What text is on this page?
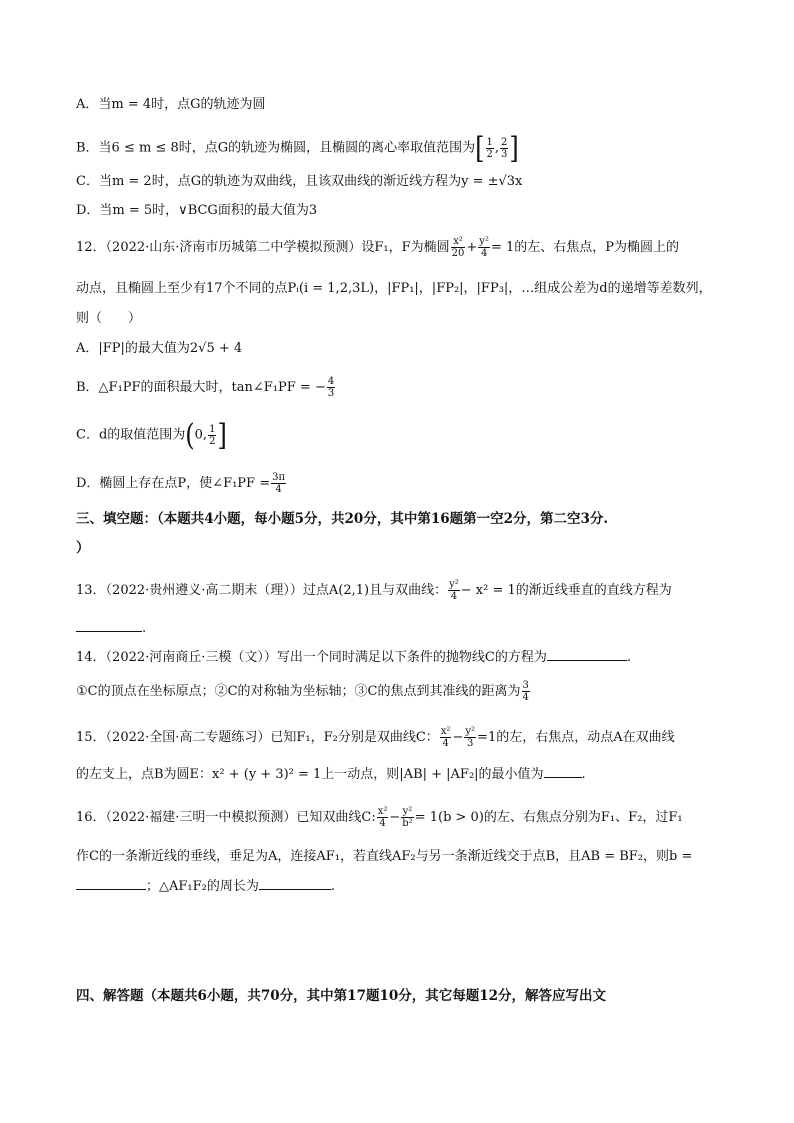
A．当m = 4时，点G的轨迹为圆
B．当6 ≤ m ≤ 8时，点G的轨迹为椭圆，且椭圆的离心率取值范围为[ $\frac{1}{2}$ , $\frac{2}{3}$ ]
C．当m = 2时，点G的轨迹为双曲线，且该双曲线的渐近线方程为y = ±√3x
D．当m = 5时，∨BCG面积的最大值为3
12．（2022·山东·济南市历城第二中学模拟预测）设F₁，F为椭圆 $\frac{\text{x²}}{20} + \frac{\text{y²}}{4} = 1$的左、右焦点，P为椭圆上的
动点，且椭圆上至少有17个不同的点Pᵢ(i = 1,2,3L)，|FP₁|，|FP₂|，|FP₃|，…组成公差为d的递增等差数列，
则（　　）
A．|FP|的最大值为2√5 + 4
B．△F₁PF的面积最大时，tan∠F₁PF = − $\frac{4}{3}$
C．d的取值范围为(0, $\frac{1}{2}$ ]
D．椭圆上存在点P，使∠F₁PF = $\frac{3\pi}{4}$
三、填空题：（本题共4小题，每小题5分，共20分，其中第16题第一空2分，第二空3分.
）
13．（2022·贵州遵义·高二期末（理））过点A(2,1)且与双曲线： $\frac{\text{y²}}{4} - x^2 = 1$的渐近线垂直的直线方程为
.
14．（2022·河南商丘·三模（文））写出一个同时满足以下条件的抛物线C的方程为	.
①C的顶点在坐标原点；②C的对称轴为坐标轴；③C的焦点到其准线的距离为 $\frac{3}{4}$
15．（2022·全国·高二专题练习）已知F₁，F₂分别是双曲线C： $\frac{\text{x²}}{4} - \frac{\text{y²}}{3} =1$的左，右焦点，动点A在双曲线
的左支上，点B为圆E：x² + (y + 3)² = 1上一动点，则|AB| + |AF₂|的最小值为	.
16．（2022·福建·三明一中模拟预测）已知双曲线C: $\frac{\text{x²}}{4} - \frac{\text{y²}}{\text{b²}} = 1(b > 0)$的左、右焦点分别为F₁、F₂，过F₁
作C的一条渐近线的垂线，垂足为A，连接AF₁，若直线AF₂与另一条渐近线交于点B，且AB = BF₂，则b =
；△AF₁F₂的周长为	.
四、解答题（本题共6小题，共70分，其中第17题10分，其它每题12分，解答应写出文
